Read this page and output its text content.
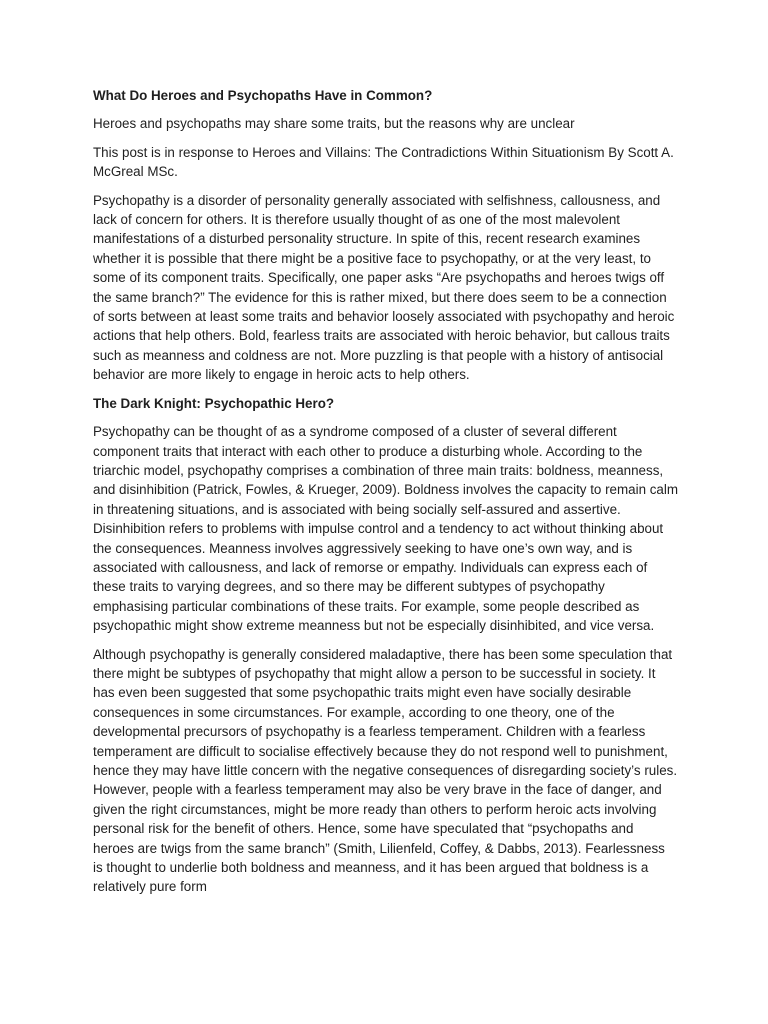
What Do Heroes and Psychopaths Have in Common?

Heroes and psychopaths may share some traits, but the reasons why are unclear

This post is in response to Heroes and Villains: The Contradictions Within Situationism By Scott A. McGreal MSc.

Psychopathy is a disorder of personality generally associated with selfishness, callousness, and lack of concern for others. It is therefore usually thought of as one of the most malevolent manifestations of a disturbed personality structure. In spite of this, recent research examines whether it is possible that there might be a positive face to psychopathy, or at the very least, to some of its component traits. Specifically, one paper asks “Are psychopaths and heroes twigs off the same branch?” The evidence for this is rather mixed, but there does seem to be a connection of sorts between at least some traits and behavior loosely associated with psychopathy and heroic actions that help others. Bold, fearless traits are associated with heroic behavior, but callous traits such as meanness and coldness are not. More puzzling is that people with a history of antisocial behavior are more likely to engage in heroic acts to help others.

The Dark Knight: Psychopathic Hero?

Psychopathy can be thought of as a syndrome composed of a cluster of several different component traits that interact with each other to produce a disturbing whole. According to the triarchic model, psychopathy comprises a combination of three main traits: boldness, meanness, and disinhibition (Patrick, Fowles, & Krueger, 2009). Boldness involves the capacity to remain calm in threatening situations, and is associated with being socially self-assured and assertive. Disinhibition refers to problems with impulse control and a tendency to act without thinking about the consequences. Meanness involves aggressively seeking to have one’s own way, and is associated with callousness, and lack of remorse or empathy. Individuals can express each of these traits to varying degrees, and so there may be different subtypes of psychopathy emphasising particular combinations of these traits. For example, some people described as psychopathic might show extreme meanness but not be especially disinhibited, and vice versa.

Although psychopathy is generally considered maladaptive, there has been some speculation that there might be subtypes of psychopathy that might allow a person to be successful in society. It has even been suggested that some psychopathic traits might even have socially desirable consequences in some circumstances. For example, according to one theory, one of the developmental precursors of psychopathy is a fearless temperament. Children with a fearless temperament are difficult to socialise effectively because they do not respond well to punishment, hence they may have little concern with the negative consequences of disregarding society’s rules. However, people with a fearless temperament may also be very brave in the face of danger, and given the right circumstances, might be more ready than others to perform heroic acts involving personal risk for the benefit of others. Hence, some have speculated that “psychopaths and heroes are twigs from the same branch” (Smith, Lilienfeld, Coffey, & Dabbs, 2013). Fearlessness is thought to underlie both boldness and meanness, and it has been argued that boldness is a relatively pure form
